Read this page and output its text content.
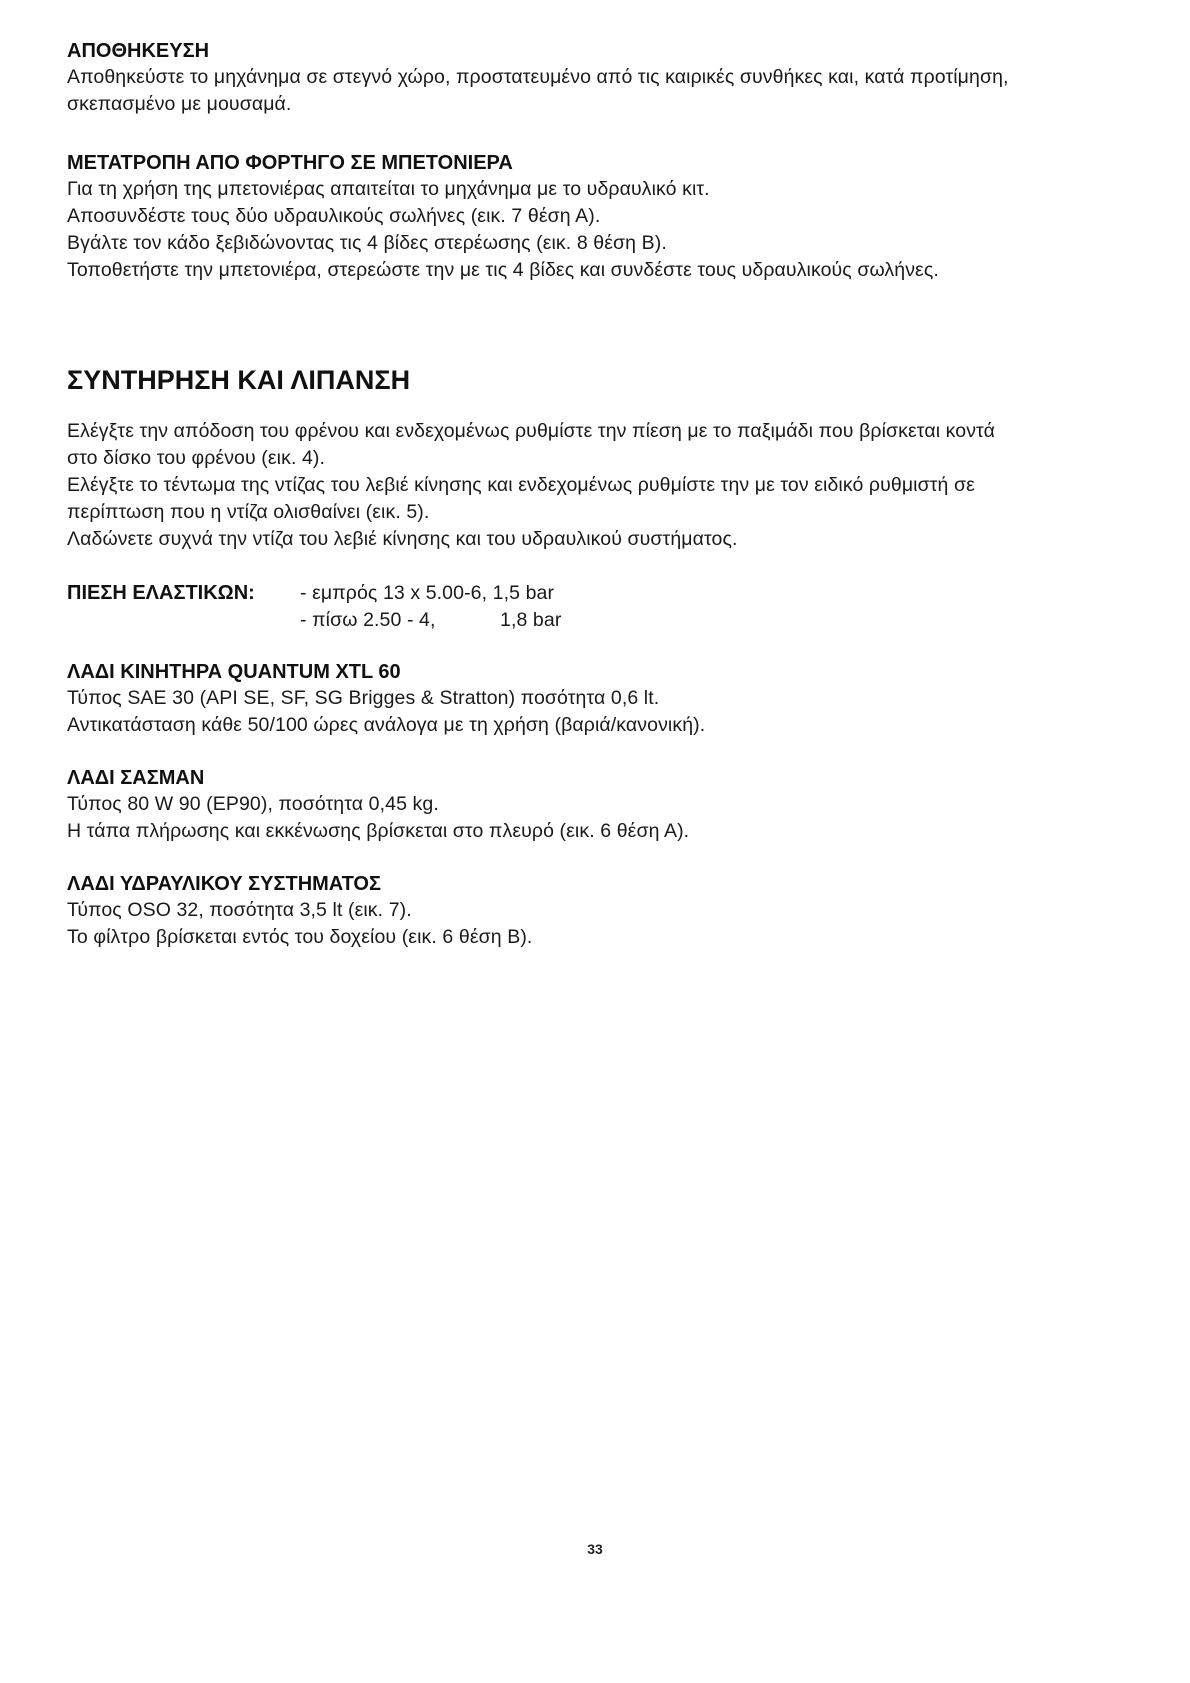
ΑΠΟΘΗΚΕΥΣΗ

Αποθηκεύστε το μηχάνημα σε στεγνό χώρο, προστατευμένο από τις καιρικές συνθήκες και, κατά προτίμηση,

σκεπασμένο με μουσαμά.

ΜΕΤΑΤΡΟΠΗ ΑΠΟ ΦΟΡΤΗΓΟ ΣΕ ΜΠΕΤΟΝΙΕΡΑ

Για τη χρήση της μπετονιέρας απαιτείται το μηχάνημα με το υδραυλικό κιτ.

Αποσυνδέστε τους δύο υδραυλικούς σωλήνες (εικ. 7 θέση Α).

Βγάλτε τον κάδο ξεβιδώνοντας τις 4 βίδες στερέωσης (εικ. 8 θέση Β).

Τοποθετήστε την μπετονιέρα, στερεώστε την με τις 4 βίδες και συνδέστε τους υδραυλικούς σωλήνες.

ΣΥΝΤΗΡΗΣΗ ΚΑΙ ΛΙΠΑΝΣΗ

Ελέγξτε την απόδοση του φρένου και ενδεχομένως ρυθμίστε την πίεση με το παξιμάδι που βρίσκεται κοντά

στο δίσκο του φρένου (εικ. 4).

Ελέγξτε το τέντωμα της ντίζας του λεβιέ κίνησης και ενδεχομένως ρυθμίστε την με τον ειδικό ρυθμιστή σε

περίπτωση που η ντίζα ολισθαίνει (εικ. 5).

Λαδώνετε συχνά την ντίζα του λεβιέ κίνησης και του υδραυλικού συστήματος.

ΠΙΕΣΗ ΕΛΑΣΤΙΚΩΝ:	- εμπρός 13 x 5.00-6, 1,5 bar

- πίσω 2.50 - 4,	1,8 bar

ΛΑΔΙ ΚΙΝΗΤΗΡΑ QUANTUM XTL 60

Τύπος SAE 30 (API SE, SF, SG Brigges & Stratton) ποσότητα 0,6 lt.

Αντικατάσταση κάθε 50/100 ώρες ανάλογα με τη χρήση (βαριά/κανονική).

ΛΑΔΙ ΣΑΣΜΑΝ

Τύπος 80 W 90 (EP90), ποσότητα 0,45 kg.

Η τάπα πλήρωσης και εκκένωσης βρίσκεται στο πλευρό (εικ. 6 θέση Α).

ΛΑΔΙ ΥΔΡΑΥΛΙΚΟΥ ΣΥΣΤΗΜΑΤΟΣ

Τύπος OSO 32, ποσότητα 3,5 lt (εικ. 7).

Το φίλτρο βρίσκεται εντός του δοχείου (εικ. 6 θέση Β).

33
